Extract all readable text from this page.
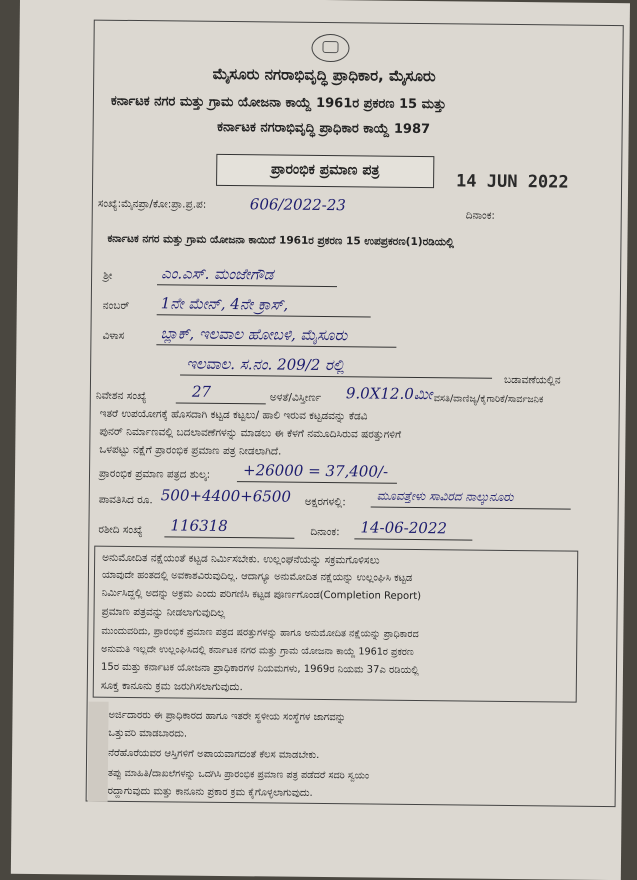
ಮೈಸೂರು ನಗರಾಭಿವೃದ್ಧಿ ಪ್ರಾಧಿಕಾರ, ಮೈಸೂರು
ಕರ್ನಾಟಕ ನಗರ ಮತ್ತು ಗ್ರಾಮ ಯೋಜನಾ ಕಾಯ್ದೆ 1961ರ ಪ್ರಕರಣ 15 ಮತ್ತು
ಕರ್ನಾಟಕ ನಗರಾಭಿವೃದ್ಧಿ ಪ್ರಾಧಿಕಾರ ಕಾಯ್ದೆ 1987
ಪ್ರಾರಂಭಿಕ ಪ್ರಮಾಣ ಪತ್ರ
14 JUN 2022
ಸಂಖ್ಯೆ:ಮೈನಪ್ರಾ/ಕೋ:ಪ್ರಾ.ಪ್ರ.ಪ:	606/2022-23
ದಿನಾಂಕ:
ಕರ್ನಾಟಕ ನಗರ ಮತ್ತು ಗ್ರಾಮ ಯೋಜನಾ ಕಾಯಿದೆ 1961ರ ಪ್ರಕರಣ 15 ಉಪಪ್ರಕರಣ(1)ರಡಿಯಲ್ಲಿ
ಶ್ರೀ	ಎಂ.ಎಸ್. ಮಂಜೇಗೌಡ
ನಂಬರ್ 1ನೇ ಮೇನ್, 4ನೇ ಕ್ರಾಸ್,
ವಿಳಾಸ ಬ್ಲಾಕ್, ಇಲವಾಲ ಹೋಬಳಿ, ಮೈಸೂರು
ಇಲವಾಲ. ಸ.ನಂ. 209/2 ರಲ್ಲಿ
ಬಡಾವಣೆಯಲ್ಲಿನ
ನಿವೇಶನ ಸಂಖ್ಯೆ	27	ಅಳತೆ/ವಿಸ್ತೀರ್ಣ 9.0X12.0ಮೀ ವಸತಿ/ವಾಣಿಜ್ಯ/ಕೈಗಾರಿಕೆ/ಸಾರ್ವಜನಿಕ
ಇತರೆ ಉಪಯೋಗಕ್ಕೆ ಹೊಸದಾಗಿ ಕಟ್ಟಡ ಕಟ್ಟಲು/ ಹಾಲಿ ಇರುವ ಕಟ್ಟಡವನ್ನು ಕೆಡವಿ
ಪುನರ್ ನಿರ್ಮಾಣವಲ್ಲಿ ಬದಲಾವಣೆಗಳನ್ನು ಮಾಡಲು ಈ ಕೆಳಗೆ ನಮೂದಿಸಿರುವ ಷರತ್ತುಗಳಿಗೆ
ಒಳಪಟ್ಟು ನಕ್ಷೆಗೆ ಪ್ರಾರಂಭಿಕ ಪ್ರಮಾಣ ಪತ್ರ ನೀಡಲಾಗಿದೆ.
ಪ್ರಾರಂಭಿಕ ಪ್ರಮಾಣ ಪತ್ರದ ಶುಲ್ಕ: +26000 = 37,400/-
ಪಾವತಿಸಿದ ರೂ. 500+4400+6500 ಅಕ್ಷರಗಳಲ್ಲಿ:	ಮೂವತ್ತೇಳು ಸಾವಿರದ ನಾಲ್ಕುನೂರು
ರಶೀದಿ ಸಂಖ್ಯೆ 116318	ದಿನಾಂಕ: 14-06-2022
ಅನುಮೋದಿತ ನಕ್ಷೆಯಂತೆ ಕಟ್ಟಡ ನಿರ್ಮಿಸಬೇಕು. ಉಲ್ಲಂಘನೆಯನ್ನು ಸಕ್ರಮಗೊಳಿಸಲು
ಯಾವುದೇ ಹಂತದಲ್ಲಿ ಅವಕಾಶವಿರುವುದಿಲ್ಲ. ಆದಾಗ್ಯೂ ಅನುಮೋದಿತ ನಕ್ಷೆಯನ್ನು ಉಲ್ಲಂಘಿಸಿ ಕಟ್ಟಡ
ನಿರ್ಮಿಸಿದ್ದಲ್ಲಿ ಅದನ್ನು ಅಕ್ರಮ ಎಂದು ಪರಿಗಣಿಸಿ ಕಟ್ಟಡ ಪೂರ್ಣಗೊಂಡ(Completion Report)
ಪ್ರಮಾಣ ಪತ್ರವನ್ನು ನೀಡಲಾಗುವುದಿಲ್ಲ
ಮುಂದುವರಿದು, ಪ್ರಾರಂಭಿಕ ಪ್ರಮಾಣ ಪತ್ರದ ಷರತ್ತುಗಳನ್ನು ಹಾಗೂ ಅನುಮೋದಿತ ನಕ್ಷೆಯನ್ನು ಪ್ರಾಧಿಕಾರದ
ಅನುಮತಿ ಇಲ್ಲದೇ ಉಲ್ಲಂಘಿಸಿದಲ್ಲಿ ಕರ್ನಾಟಕ ನಗರ ಮತ್ತು ಗ್ರಾಮ ಯೋಜನಾ ಕಾಯ್ದೆ 1961ರ ಪ್ರಕರಣ
15ರ ಮತ್ತು ಕರ್ನಾಟಕ ಯೋಜನಾ ಪ್ರಾಧಿಕಾರಗಳ ನಿಯಮಗಳು, 1969ರ ನಿಯಮ 37ಎ ರಡಿಯಲ್ಲಿ
ಸೂಕ್ತ ಕಾನೂನು ಕ್ರಮ ಜರುಗಿಸಲಾಗುವುದು.
ಅರ್ಜಿದಾರರು ಈ ಪ್ರಾಧಿಕಾರದ ಹಾಗೂ ಇತರೇ ಸ್ಥಳೀಯ ಸಂಸ್ಥೆಗಳ ಜಾಗವನ್ನು
ಒತ್ತುವರಿ ಮಾಡಬಾರದು.
ನೆರೆಹೊರೆಯವರ ಆಸ್ತಿಗಳಿಗೆ ಅಪಾಯವಾಗದಂತೆ ಕೆಲಸ ಮಾಡಬೇಕು.
ತಪ್ಪು ಮಾಹಿತಿ/ದಾಖಲೆಗಳನ್ನು ಒದಗಿಸಿ ಪ್ರಾರಂಭಿಕ ಪ್ರಮಾಣ ಪತ್ರ ಪಡೆದರೆ ಸದರಿ ಸ್ವಯಂ
ರದ್ದಾಗುವುದು ಮತ್ತು ಕಾನೂನು ಪ್ರಕಾರ ಕ್ರಮ ಕೈಗೊಳ್ಳಲಾಗುವುದು.
